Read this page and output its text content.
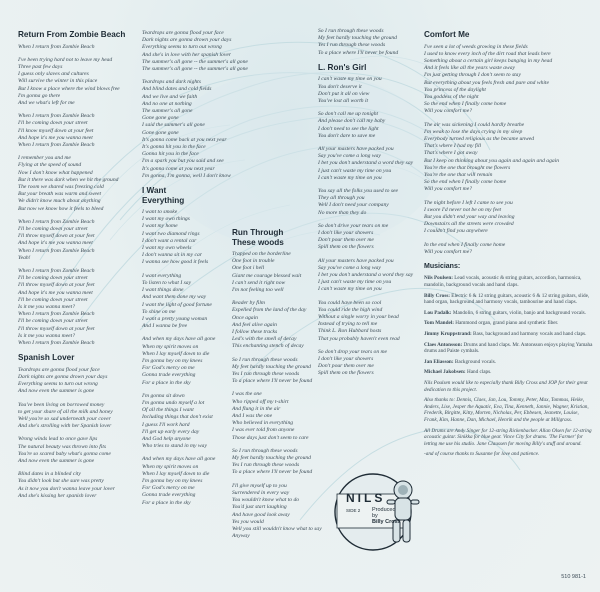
Return From Zombie Beach
When I return from Zombie Beach
I've been trying hard not to leave my head
Three past few days
I guess only slaves and cultures
Will survive the winter in this place
But I know a place where the wind blows free
I'm gonna go there
And we what's left for me
When I return from Zombie Beach
I'll be coming down your street
I'll know myself down at your feet
And hope it's me you wanna meet
When I return from Zombie Beach
I remember you and me
Flying at the speed of sound
Now I don't know what happened
But it there was dark when we hit the ground
The room we shared was freezing cold
But your breath was warm and sweet
We didn't know much about anything
But now we know how it feels to bleed
When I return from Zombie Beach
I'll be coming down your street
I'll throw myself down at your feet
And hope it's me you wanna meet
When I return from Zombie Beach
Yeah!
When I return from Zombie Beach
I'll be coming down your street
I'll throw myself down at your feet
And hope it's me you wanna meet
I'll be coming down your street
Is it me you wanna meet?
When I return from Zombie Beach
I'll be coming down your street
I'll throw myself down at your feet
Is it me you wanna meet?
When I return from Zombie Beach
Spanish Lover
Teardrops are gonna flood your face
Dark nights are gonna drown your days
Everything seems to turn out wrong
And now even the summer is gone
You've been living on borrowed money
to get your share of all the milk and honey
Well you're so sad underneath your cover
And she's strolling with her Spanish lover
Wrong winds lead to once gave lips
The natural beauty was thrown into fits
You're so scared baby what's gonna come
And now even the summer is gone
Blind dates in a blinded city
You didn't look but she sure was pretty
As it now you don't wanna leave your lover
And she's kissing her spanish lover
Teardrops are gonna flood your face
Dark nights are gonna drown your days
Everything seems to turn out wrong
And she's in love with her spanish lover
The summer's all gone -- the summer's all gone
The summer's all gone -- the summer's all gone
Teardrops and dark nights
And blind dates and cold fields
And we live and we faith
And no one at nothing
The summer's all gone
Gone gone gone
I said the summer's all gone
Gone gone gone
It's gonna come back at you next year
It's gonna hit you in the face
Gonna hit you in the face
I'm a spark you but you said and see
It's gonna come at you next year
I'm gonna, I'm gonna, well I don't know
I Want Everything
I want to smoke
I want my own things
I want my home
I want two diamond rings
I don't want a rental car
I want my own wheels
I don't wanna sit in my car
I wanna see how good it feels
I want everything
To listen to what I say
I want things done
And want them done my way
I want the light of good fortune
To shine on me
I want a pretty young woman
And I wanna be free
And when my days have all gone
When my spirit moves on
When I lay myself down to die
I'm gonna hey on my knees
For God's mercy on me
Gonna trade everything
For a place in the sky
I'm gonna sit down
I'm gonna undo myself a lot
Of all the things I want
Including things that don't exist
I guess I'll work hard
I'll get up early every day
And God help anyone
Who tries to stand in my way
And when my days have all gone
When my spirit moves on
When I lay myself down to die
I'm gonna hey on my knees
For God's mercy on me
Gonna trade everything
For a place in the sky
Run Through These woods
Trapped on the borderline
One foot in trouble
One foot i hell
Giant me courage blessed wait
I can't send it right now
I'm not feeling too well
Reader by film
Expelled from the land of the day
Once again
And feel alive again
I follow these tracks
Led's with the smell of decay
This enchanting stench of decay
So I run through these woods
My feet hardly touching the ground
Yes I run through these woods
To a place where I'll never be found
I was the one
Who ripped off my t-shirt
And flung it in the air
And I was the one
Who believed in everything
I was ever told from anyone
Those days just don't seem to care
So I run through these woods
My feet hardly touching the ground
Yes I run through these woods
To a place where I'll never be found
I'll give myself up to you
Surrendered in every way
You wouldn't know what to do
You'd just start laughing
And have good look away
Yes you would
Well you still wouldn't know what to say
Anyway
So I run through these woods
My feet hardly touching the ground
Yes I run through these woods
To a place where I'll never be found
L. Ron's Girl
I can't waste my time on you
You don't deserve it
Don't put it all on view
You've lost all worth it
So don't call me up tonight
And please don't call my baby
I don't need to see the light
You don't dare to save me
All your masters have packed you
Say you've come a long way
I bet you don't understand a word they say
I just can't waste my time on you
I can't waste my time on you
You say all the folks you used to see
They all through you
Well I don't need your company
No more than they do
So don't drive your tears on me
I don't like your showers
Don't pour them over me
Spill them on the flowers
All your masters have packed you
Say you've come a long way
I bet you don't understand a word they say
I just can't waste my time on you
I can't waste my time on you
You could have been so cool
You could ride the high wind
Without a single worry in your head
Instead of trying to tell me
Think L. Ron Hubbard hosts
That you probably haven't even read
So don't drop your tears on me
I don't like your showers
Don't pour them over me
Spill them on the flowers
Comfort Me
I've seen a lot of weeds growing in these fields
I used to know every inch of the dirt road that leads here
Something about a certain girl keeps banging in my head
And it feels like all the years waste away
I'm just getting through I don't seem to stay
But everything about you feels fresh and pure and white
You princess of the daylight
You goddess of the night
So the end when I finally come home
Will you comfort me?
The air was sickening I could hardly breathe
I'm weak to lose the days crying in my sleep
Everybody turned religious as the became unwed
That's where I had my fill
That's where I got away
But I keep on thinking about you again and again and again
You're the one that brought me flowers
You're the one that will remain
So the end when I finally come home
Will you comfort me?
The night before I left I came to see you
I swore I'd never not be on my feet
But you didn't end your way and leaving
Downstairs all the streets were crowded
I couldn't find you anywhere
In the end when I finally come home
Will you comfort me?
Musicians:
Nils Poulsen: Lead vocals, acoustic & string guitars, accordion, harmonica, mandolin, background vocals and hand claps.
Billy Cross: Electric 6 & 12 string guitars, acoustic 6 & 12 string guitars, slide, hand organ, background and harmony vocals, tambourine and hand claps.
Lou Padalk: Mandolin, 6 string guitars, violin, banjo and background vocals.
Tom Mandel: Hammond organ, grand piano and synthetic fiber.
Jimmy Kruppstrand: Bass, background and harmony vocals and hand claps.
Claes Antonsson: Drums and hand claps. Mr. Antonsson enjoys playing Yamaha drums and Paiste cymbals.
Jan Eliasson: Background vocals.
Michael Jakobsen: Hand claps.
Nils Poulsen would like to especially thank Billy Cross and JOP for their great dedication to this project.
Also thanks to: Dennis, Claes, Jan, Lou, Tommy, Peter, Max, Tommas, Heike, Anders, Lise, Jesper the Aquatic, Eva, Tina, Kenneth, Jannie, Wagner, Kristian, Frederik, Birgitte, Kitty, Morten, Nicholas, Per, Ebbesen, Jeanette, Louise, Frank, Kim, Hanne, Dan, Michael, Henrik and the people at Millgrass.
All Drums are Andy Singer for 12-string Rickenbacker. Allan Olsen for 12-string acoustic guitar. Sinikka for blue gear. Vince City for drums. 'The Farmer' for letting me use his studio. Jane Claussen for moving Billy's stuff and around.
-and of course thanks to Susanne for love and patience.
NILS
SIDE 2 Produced
by
Billy Cross
510 981-1
